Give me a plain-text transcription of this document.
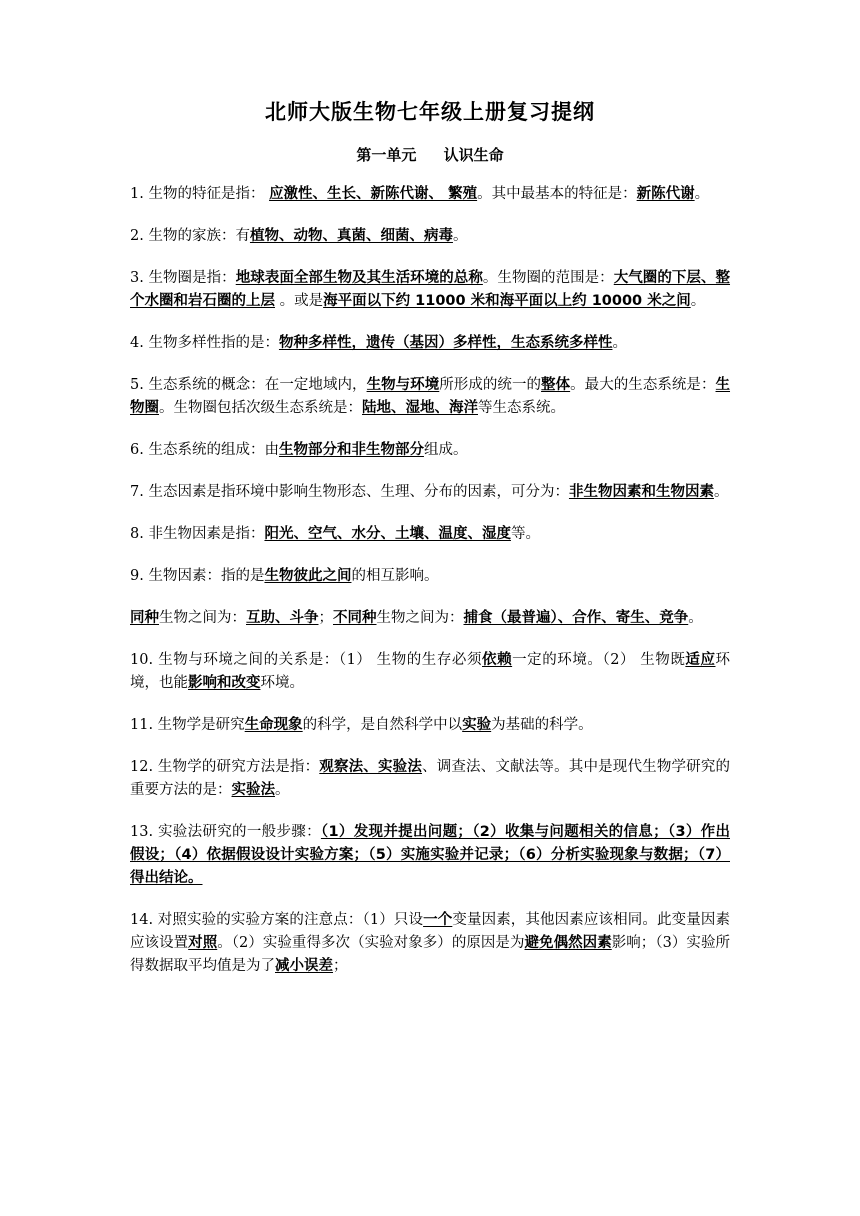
北师大版生物七年级上册复习提纲
第一单元 认识生命

1. 生物的特征是指： 应激性、生长、新陈代谢、 繁殖。其中最基本的特征是：新陈代谢。

2. 生物的家族：有植物、动物、真菌、细菌、病毒。

3. 生物圈是指：地球表面全部生物及其生活环境的总称。生物圈的范围是：大气圈的下层、整个水圈和岩石圈的上层 。或是海平面以下约 11000 米和海平面以上约 10000 米之间。

4. 生物多样性指的是：物种多样性，遗传（基因）多样性，生态系统多样性。

5. 生态系统的概念：在一定地域内，生物与环境所形成的统一的整体。最大的生态系统是：生物圈。生物圈包括次级生态系统是：陆地、湿地、海洋等生态系统。

6. 生态系统的组成：由生物部分和非生物部分组成。

7. 生态因素是指环境中影响生物形态、生理、分布的因素，可分为：非生物因素和生物因素。

8. 非生物因素是指：阳光、空气、水分、土壤、温度、湿度等。

9. 生物因素：指的是生物彼此之间的相互影响。

同种生物之间为：互助、斗争；不同种生物之间为：捕食（最普遍）、合作、寄生、竞争。

10. 生物与环境之间的关系是：（1） 生物的生存必须依赖一定的环境。（2） 生物既适应环境，也能影响和改变环境。

11. 生物学是研究生命现象的科学，是自然科学中以实验为基础的科学。

12. 生物学的研究方法是指：观察法、实验法、调查法、文献法等。其中是现代生物学研究的重要方法的是：实验法。

13. 实验法研究的一般步骤：（1）发现并提出问题；（2）收集与问题相关的信息；（3）作出假设；（4）依据假设设计实验方案；（5）实施实验并记录；（6）分析实验现象与数据；（7）得出结论。

14. 对照实验的实验方案的注意点：（1）只设一个变量因素，其他因素应该相同。此变量因素应该设置对照。（2）实验重得多次（实验对象多）的原因是为避免偶然因素影响；（3）实验所得数据取平均值是为了减小误差；
